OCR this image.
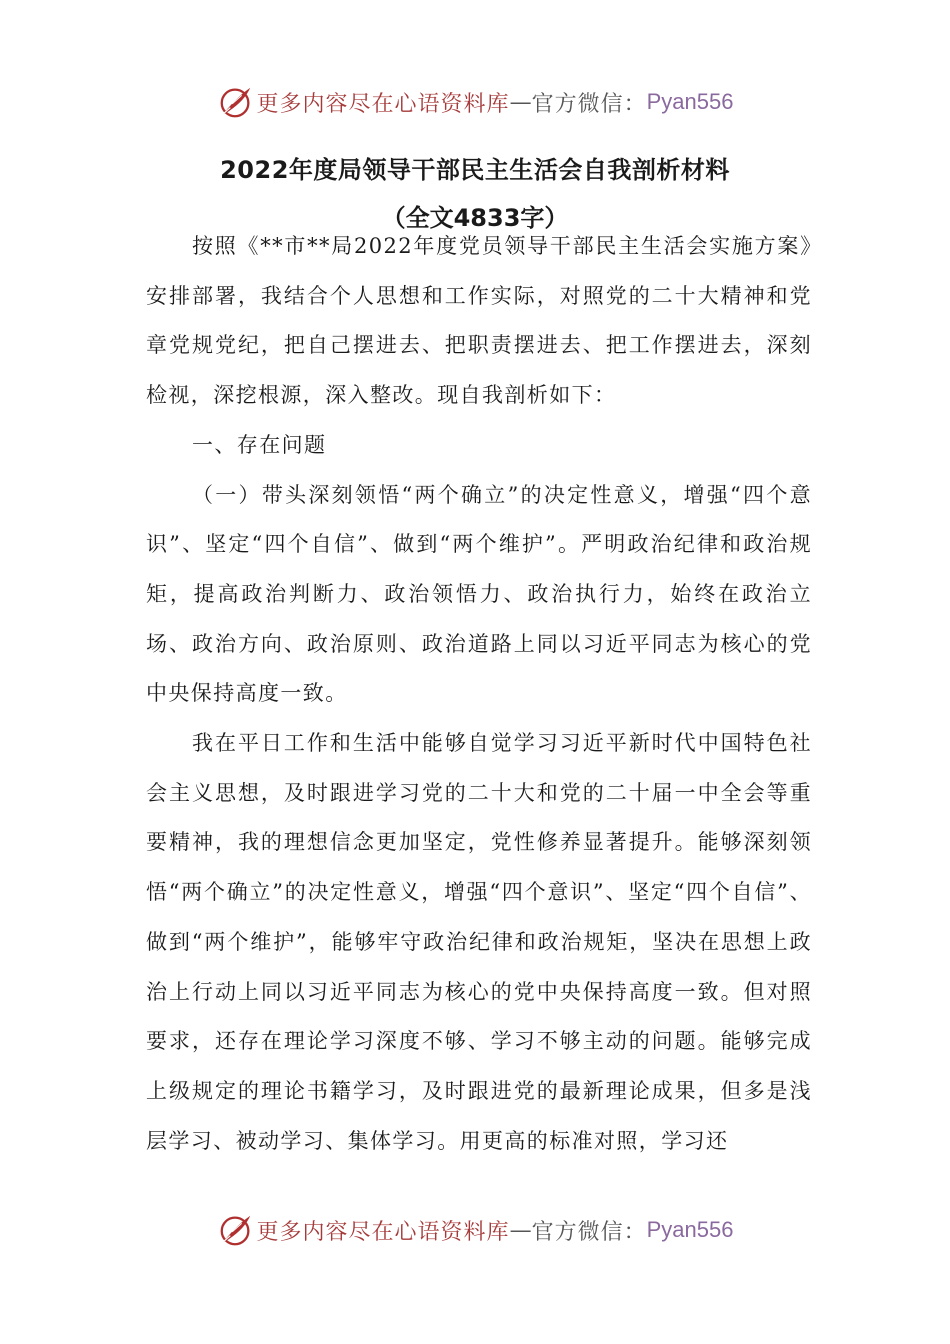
更多内容尽在心语资料库 — 官方微信： Pyan556
2022年度局领导干部民主生活会自我剖析材料
（全文4833字）

按照《**市**局2022年度党员领导干部民主生活会实施方案》安排部署，我结合个人思想和工作实际，对照党的二十大精神和党章党规党纪，把自己摆进去、把职责摆进去、把工作摆进去，深刻检视，深挖根源，深入整改。现自我剖析如下：

一、存在问题

（一）带头深刻领悟“两个确立”的决定性意义，增强“四个意识”、坚定“四个自信”、做到“两个维护”。严明政治纪律和政治规矩，提高政治判断力、政治领悟力、政治执行力，始终在政治立场、政治方向、政治原则、政治道路上同以习近平同志为核心的党中央保持高度一致。

我在平日工作和生活中能够自觉学习习近平新时代中国特色社会主义思想，及时跟进学习党的二十大和党的二十届一中全会等重要精神，我的理想信念更加坚定，党性修养显著提升。能够深刻领悟“两个确立”的决定性意义，增强“四个意识”、坚定“四个自信”、做到“两个维护”，能够牢守政治纪律和政治规矩，坚决在思想上政治上行动上同以习近平同志为核心的党中央保持高度一致。但对照要求，还存在理论学习深度不够、学习不够主动的问题。能够完成上级规定的理论书籍学习，及时跟进党的最新理论成果，但多是浅层学习、被动学习、集体学习。用更高的标准对照，学习还

更多内容尽在心语资料库 — 官方微信： Pyan556
